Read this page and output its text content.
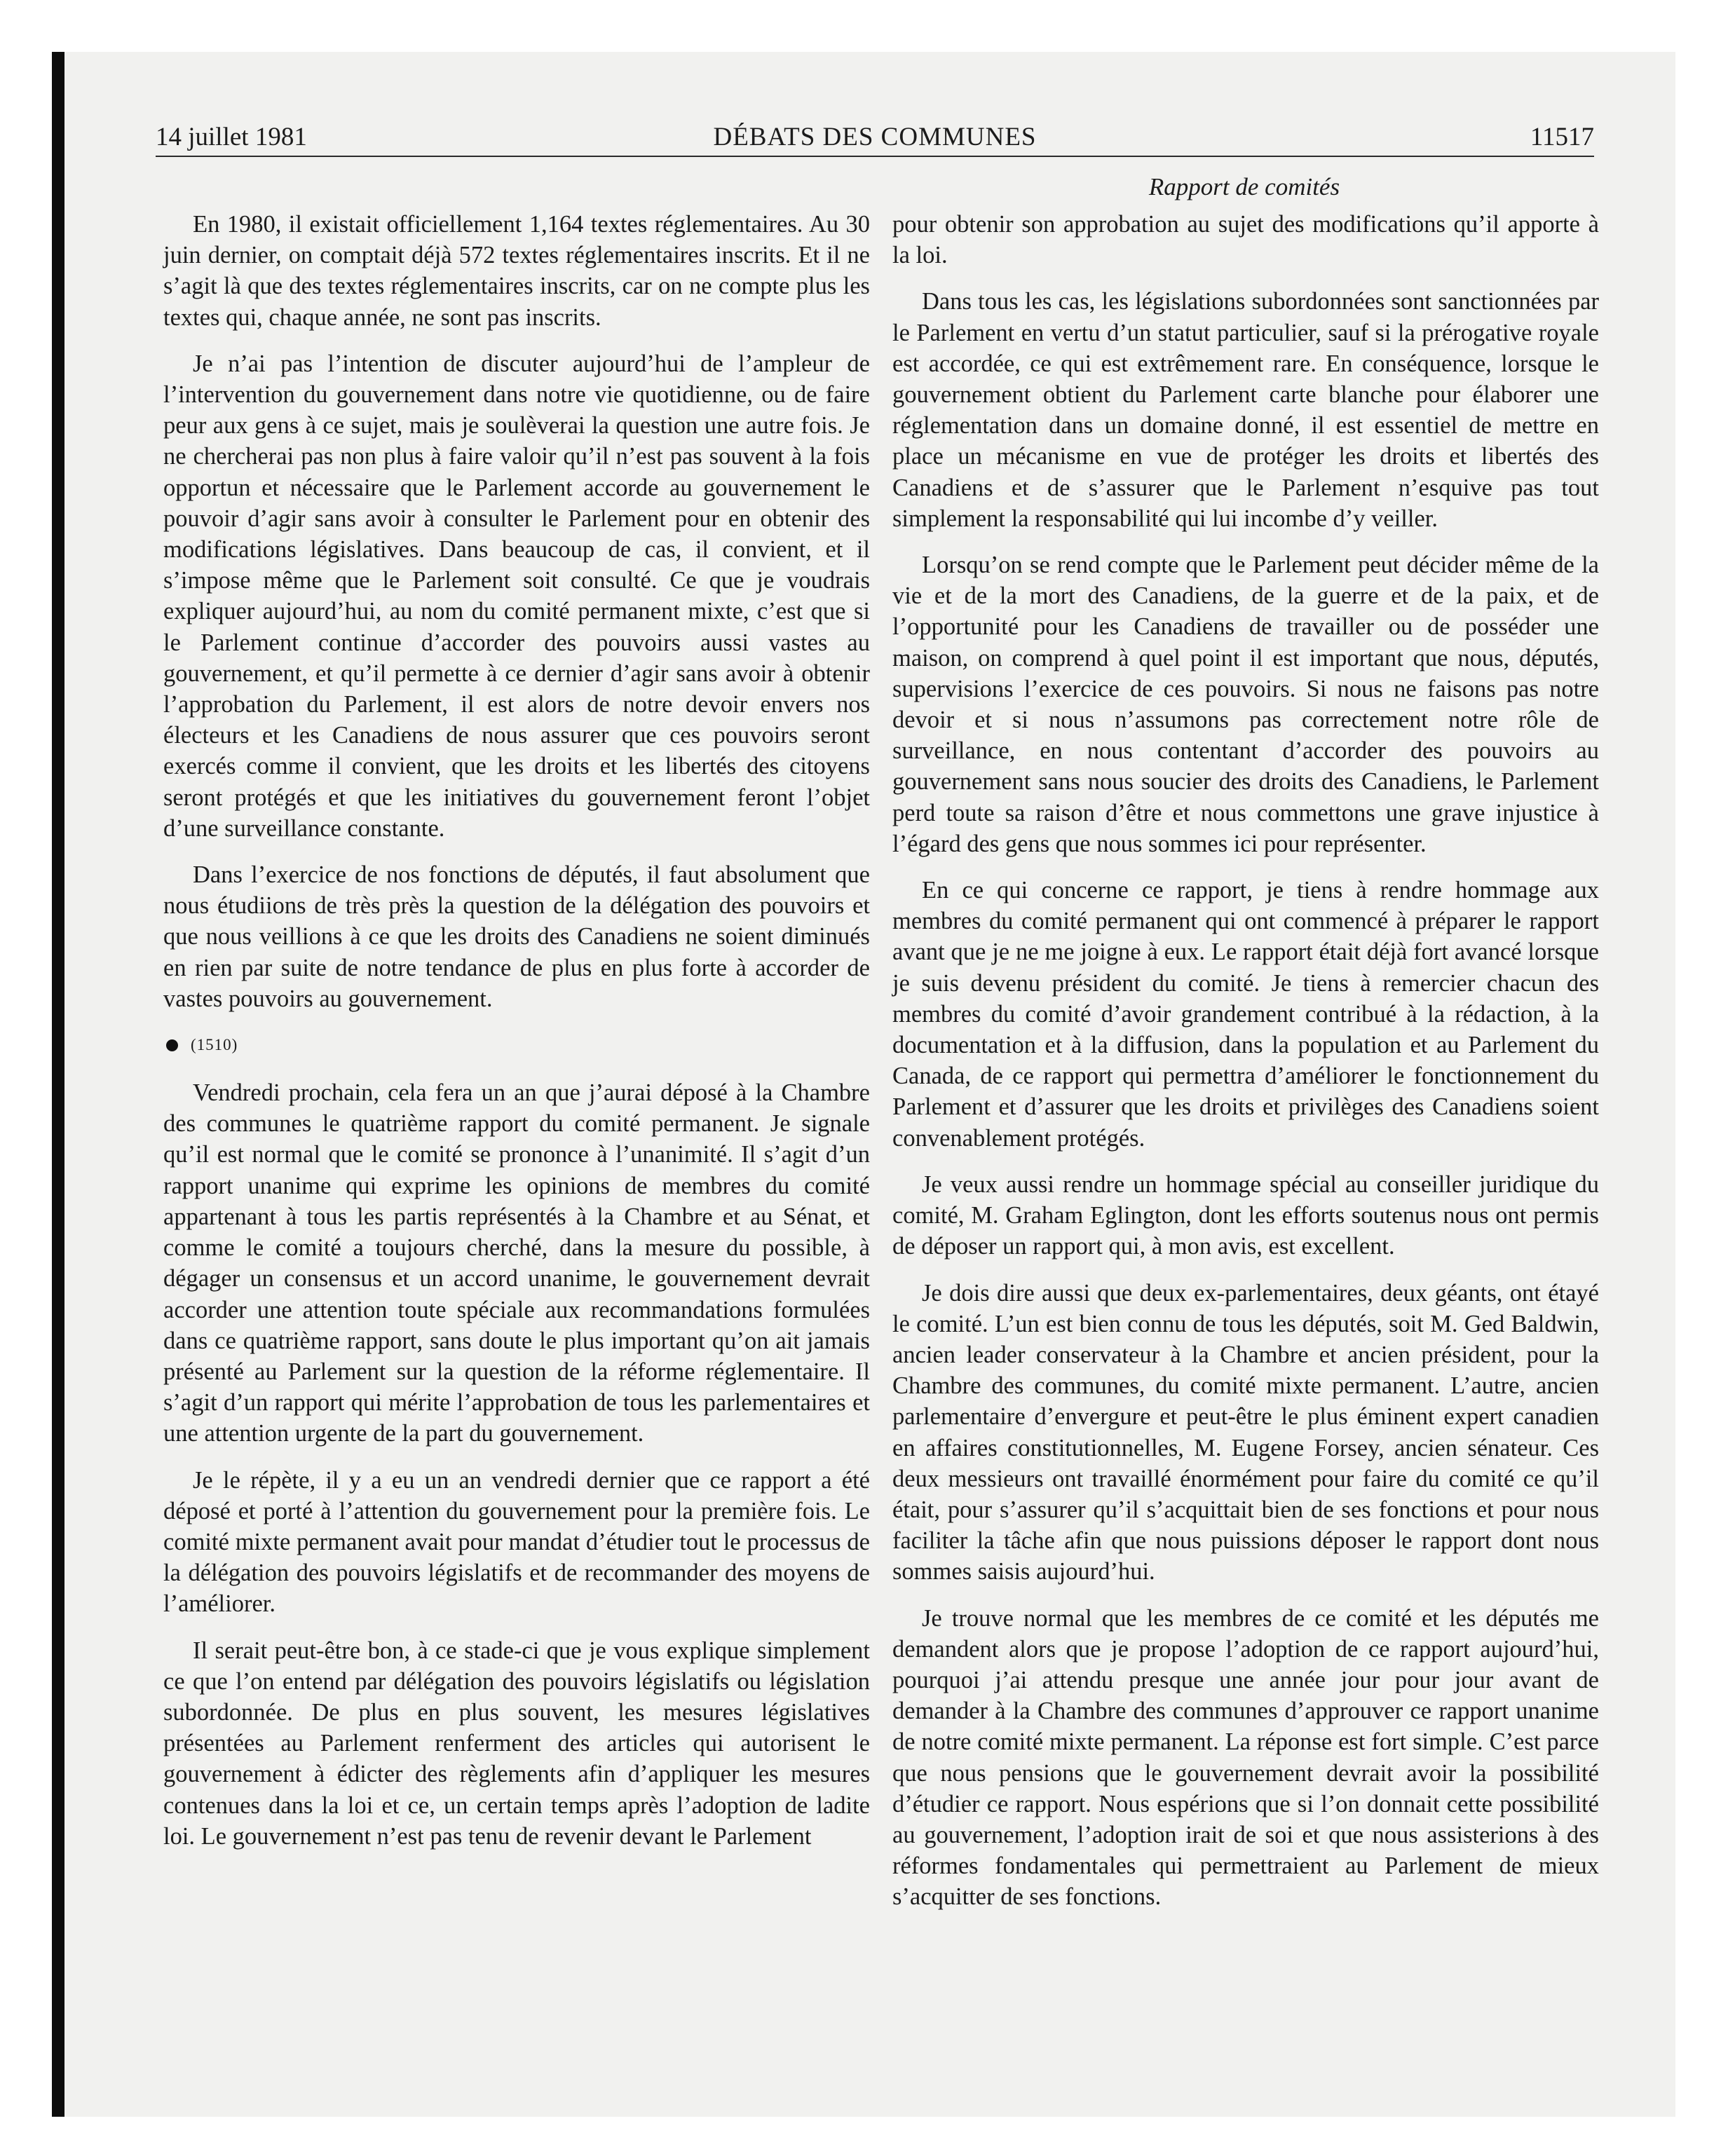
14 juillet 1981	DÉBATS DES COMMUNES	11517
Rapport de comités

En 1980, il existait officiellement 1,164 textes réglementaires. Au 30 juin dernier, on comptait déjà 572 textes réglementaires inscrits. Et il ne s’agit là que des textes réglementaires inscrits, car on ne compte plus les textes qui, chaque année, ne sont pas inscrits.

Je n’ai pas l’intention de discuter aujourd’hui de l’ampleur de l’intervention du gouvernement dans notre vie quotidienne, ou de faire peur aux gens à ce sujet, mais je soulèverai la question une autre fois. Je ne chercherai pas non plus à faire valoir qu’il n’est pas souvent à la fois opportun et nécessaire que le Parlement accorde au gouvernement le pouvoir d’agir sans avoir à consulter le Parlement pour en obtenir des modifications législatives. Dans beaucoup de cas, il convient, et il s’impose même que le Parlement soit consulté. Ce que je voudrais expliquer aujourd’hui, au nom du comité permanent mixte, c’est que si le Parlement continue d’accorder des pouvoirs aussi vastes au gouvernement, et qu’il permette à ce dernier d’agir sans avoir à obtenir l’approbation du Parlement, il est alors de notre devoir envers nos électeurs et les Canadiens de nous assurer que ces pouvoirs seront exercés comme il convient, que les droits et les libertés des citoyens seront protégés et que les initiatives du gouvernement feront l’objet d’une surveillance constante.

Dans l’exercice de nos fonctions de députés, il faut absolument que nous étudiions de très près la question de la délégation des pouvoirs et que nous veillions à ce que les droits des Canadiens ne soient diminués en rien par suite de notre tendance de plus en plus forte à accorder de vastes pouvoirs au gouvernement.

(1510)

Vendredi prochain, cela fera un an que j’aurai déposé à la Chambre des communes le quatrième rapport du comité permanent. Je signale qu’il est normal que le comité se prononce à l’unanimité. Il s’agit d’un rapport unanime qui exprime les opinions de membres du comité appartenant à tous les partis représentés à la Chambre et au Sénat, et comme le comité a toujours cherché, dans la mesure du possible, à dégager un consensus et un accord unanime, le gouvernement devrait accorder une attention toute spéciale aux recommandations formulées dans ce quatrième rapport, sans doute le plus important qu’on ait jamais présenté au Parlement sur la question de la réforme réglementaire. Il s’agit d’un rapport qui mérite l’approbation de tous les parlementaires et une attention urgente de la part du gouvernement.

Je le répète, il y a eu un an vendredi dernier que ce rapport a été déposé et porté à l’attention du gouvernement pour la première fois. Le comité mixte permanent avait pour mandat d’étudier tout le processus de la délégation des pouvoirs législatifs et de recommander des moyens de l’améliorer.

Il serait peut-être bon, à ce stade-ci que je vous explique simplement ce que l’on entend par délégation des pouvoirs législatifs ou législation subordonnée. De plus en plus souvent, les mesures législatives présentées au Parlement renferment des articles qui autorisent le gouvernement à édicter des règlements afin d’appliquer les mesures contenues dans la loi et ce, un certain temps après l’adoption de ladite loi. Le gouvernement n’est pas tenu de revenir devant le Parlement

pour obtenir son approbation au sujet des modifications qu’il apporte à la loi.

Dans tous les cas, les législations subordonnées sont sanctionnées par le Parlement en vertu d’un statut particulier, sauf si la prérogative royale est accordée, ce qui est extrêmement rare. En conséquence, lorsque le gouvernement obtient du Parlement carte blanche pour élaborer une réglementation dans un domaine donné, il est essentiel de mettre en place un mécanisme en vue de protéger les droits et libertés des Canadiens et de s’assurer que le Parlement n’esquive pas tout simplement la responsabilité qui lui incombe d’y veiller.

Lorsqu’on se rend compte que le Parlement peut décider même de la vie et de la mort des Canadiens, de la guerre et de la paix, et de l’opportunité pour les Canadiens de travailler ou de posséder une maison, on comprend à quel point il est important que nous, députés, supervisions l’exercice de ces pouvoirs. Si nous ne faisons pas notre devoir et si nous n’assumons pas correctement notre rôle de surveillance, en nous contentant d’accorder des pouvoirs au gouvernement sans nous soucier des droits des Canadiens, le Parlement perd toute sa raison d’être et nous commettons une grave injustice à l’égard des gens que nous sommes ici pour représenter.

En ce qui concerne ce rapport, je tiens à rendre hommage aux membres du comité permanent qui ont commencé à préparer le rapport avant que je ne me joigne à eux. Le rapport était déjà fort avancé lorsque je suis devenu président du comité. Je tiens à remercier chacun des membres du comité d’avoir grandement contribué à la rédaction, à la documentation et à la diffusion, dans la population et au Parlement du Canada, de ce rapport qui permettra d’améliorer le fonctionnement du Parlement et d’assurer que les droits et privilèges des Canadiens soient convenablement protégés.

Je veux aussi rendre un hommage spécial au conseiller juridique du comité, M. Graham Eglington, dont les efforts soutenus nous ont permis de déposer un rapport qui, à mon avis, est excellent.

Je dois dire aussi que deux ex-parlementaires, deux géants, ont étayé le comité. L’un est bien connu de tous les députés, soit M. Ged Baldwin, ancien leader conservateur à la Chambre et ancien président, pour la Chambre des communes, du comité mixte permanent. L’autre, ancien parlementaire d’envergure et peut-être le plus éminent expert canadien en affaires constitutionnelles, M. Eugene Forsey, ancien sénateur. Ces deux messieurs ont travaillé énormément pour faire du comité ce qu’il était, pour s’assurer qu’il s’acquittait bien de ses fonctions et pour nous faciliter la tâche afin que nous puissions déposer le rapport dont nous sommes saisis aujourd’hui.

Je trouve normal que les membres de ce comité et les députés me demandent alors que je propose l’adoption de ce rapport aujourd’hui, pourquoi j’ai attendu presque une année jour pour jour avant de demander à la Chambre des communes d’approuver ce rapport unanime de notre comité mixte permanent. La réponse est fort simple. C’est parce que nous pensions que le gouvernement devrait avoir la possibilité d’étudier ce rapport. Nous espérions que si l’on donnait cette possibilité au gouvernement, l’adoption irait de soi et que nous assisterions à des réformes fondamentales qui permettraient au Parlement de mieux s’acquitter de ses fonctions.
